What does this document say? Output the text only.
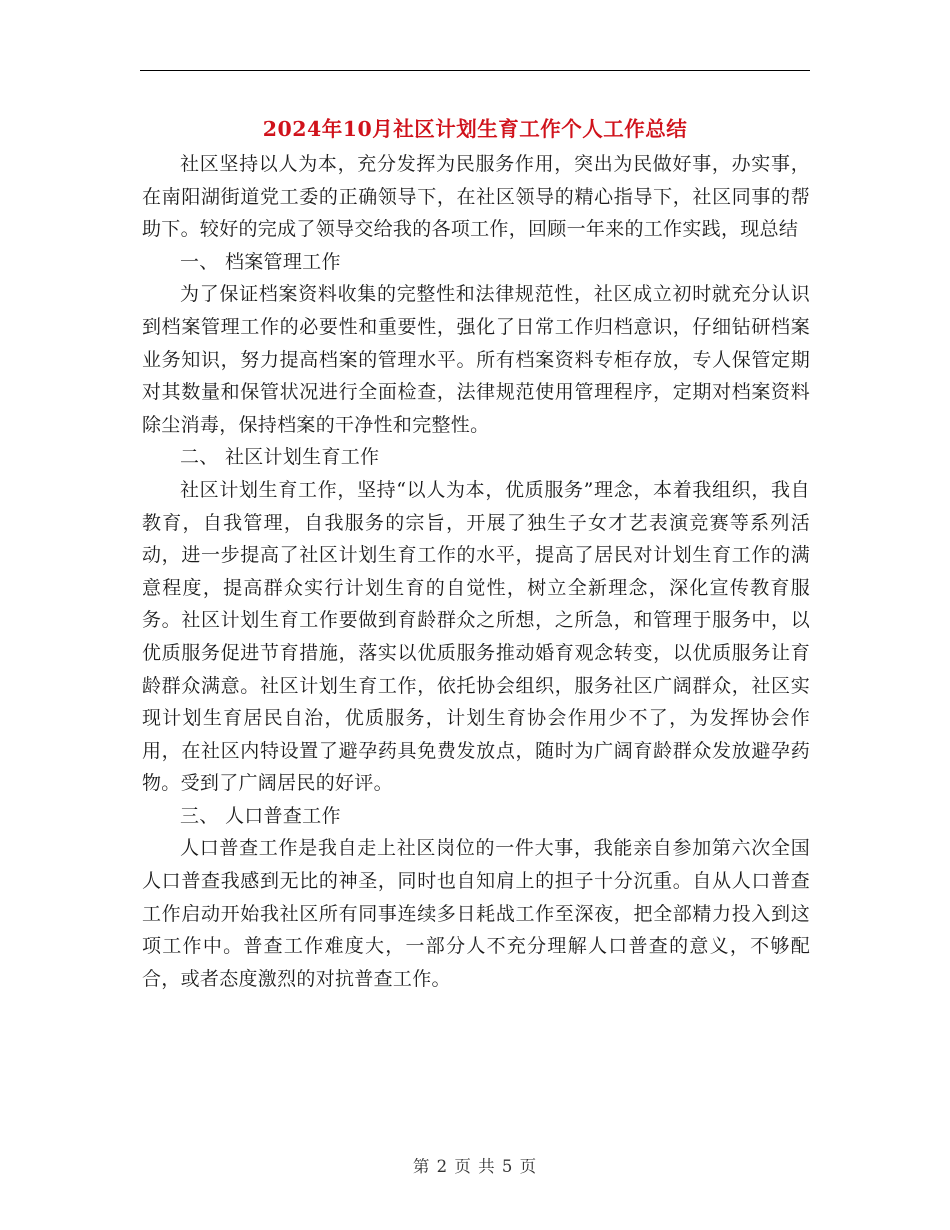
2024年10月社区计划生育工作个人工作总结

社区坚持以人为本，充分发挥为民服务作用，突出为民做好事，办实事，在南阳湖街道党工委的正确领导下，在社区领导的精心指导下，社区同事的帮助下。较好的完成了领导交给我的各项工作，回顾一年来的工作实践，现总结

一、 档案管理工作

为了保证档案资料收集的完整性和法律规范性，社区成立初时就充分认识到档案管理工作的必要性和重要性，强化了日常工作归档意识，仔细钻研档案业务知识，努力提高档案的管理水平。所有档案资料专柜存放，专人保管定期对其数量和保管状况进行全面检查，法律规范使用管理程序，定期对档案资料除尘消毒，保持档案的干净性和完整性。

二、 社区计划生育工作

社区计划生育工作，坚持“以人为本，优质服务”理念，本着我组织，我自教育，自我管理，自我服务的宗旨，开展了独生子女才艺表演竞赛等系列活动，进一步提高了社区计划生育工作的水平，提高了居民对计划生育工作的满意程度，提高群众实行计划生育的自觉性，树立全新理念，深化宣传教育服务。社区计划生育工作要做到育龄群众之所想，之所急，和管理于服务中，以优质服务促进节育措施，落实以优质服务推动婚育观念转变，以优质服务让育龄群众满意。社区计划生育工作，依托协会组织，服务社区广阔群众，社区实现计划生育居民自治，优质服务，计划生育协会作用少不了，为发挥协会作用，在社区内特设置了避孕药具免费发放点，随时为广阔育龄群众发放避孕药物。受到了广阔居民的好评。

三、 人口普查工作

人口普查工作是我自走上社区岗位的一件大事，我能亲自参加第六次全国人口普查我感到无比的神圣，同时也自知肩上的担子十分沉重。自从人口普查工作启动开始我社区所有同事连续多日耗战工作至深夜，把全部精力投入到这项工作中。普查工作难度大，一部分人不充分理解人口普查的意义，不够配合，或者态度激烈的对抗普查工作。

第 2 页 共 5 页
